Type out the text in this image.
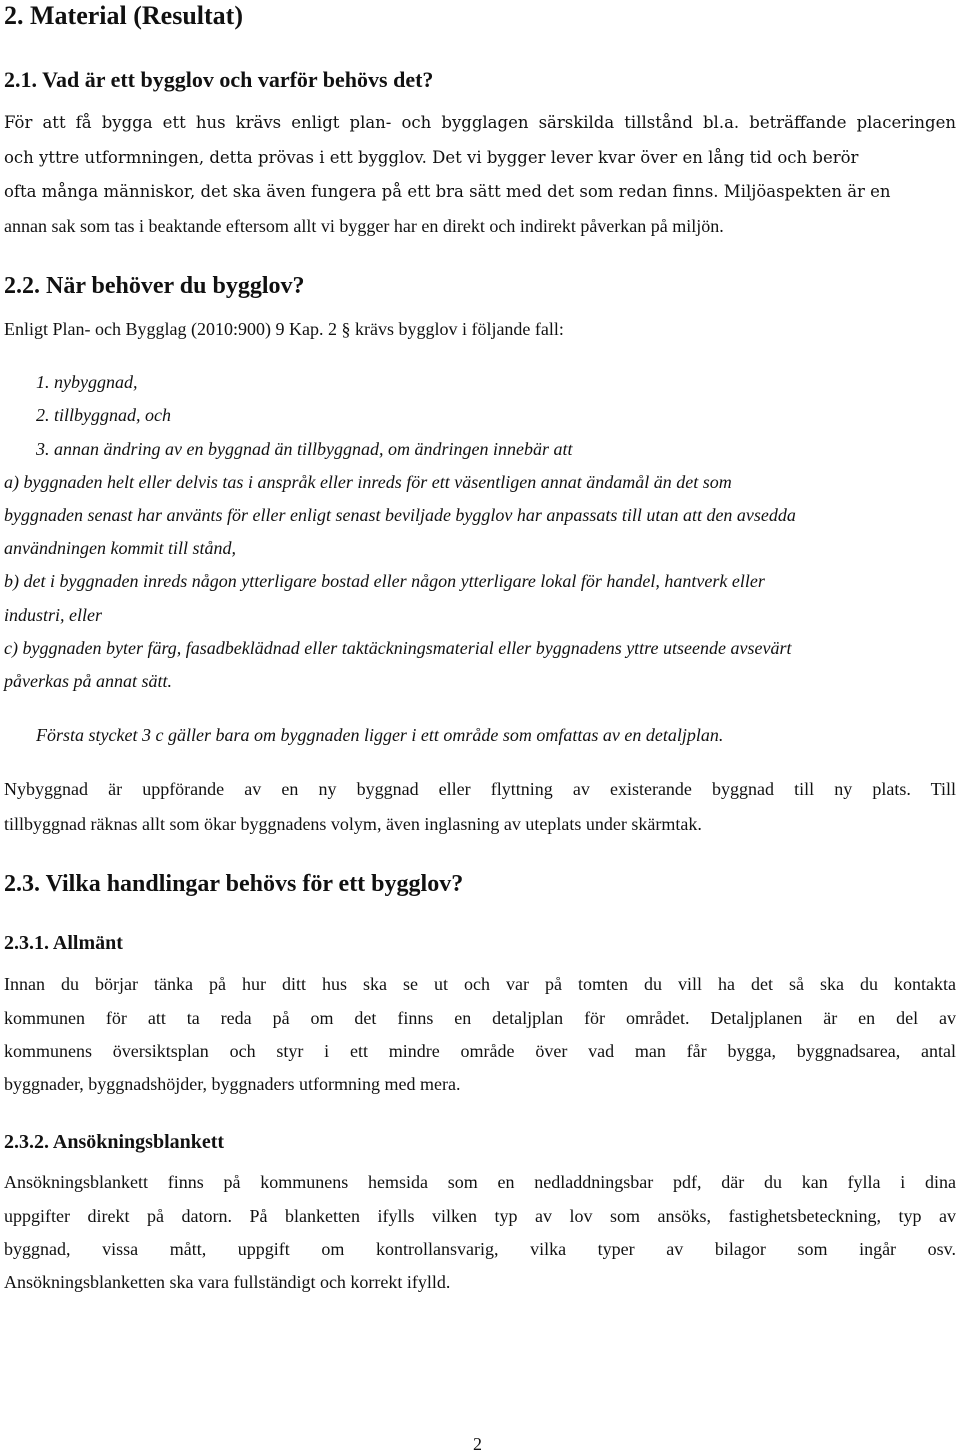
2. Material (Resultat)
2.1. Vad är ett bygglov och varför behövs det?
För att få bygga ett hus krävs enligt plan- och bygglagen särskilda tillstånd bl.a. beträffande placeringen
och yttre utformningen, detta prövas i ett bygglov. Det vi bygger lever kvar över en lång tid och berör
ofta många människor, det ska även fungera på ett bra sätt med det som redan finns. Miljöaspekten är en
annan sak som tas i beaktande eftersom allt vi bygger har en direkt och indirekt påverkan på miljön.
2.2. När behöver du bygglov?
Enligt Plan- och Bygglag (2010:900) 9 Kap. 2 § krävs bygglov i följande fall:
1. nybyggnad,
2. tillbyggnad, och
3. annan ändring av en byggnad än tillbyggnad, om ändringen innebär att
a) byggnaden helt eller delvis tas i anspråk eller inreds för ett väsentligen annat ändamål än det som
byggnaden senast har använts för eller enligt senast beviljade bygglov har anpassats till utan att den avsedda
användningen kommit till stånd,
b) det i byggnaden inreds någon ytterligare bostad eller någon ytterligare lokal för handel, hantverk eller
industri, eller
c) byggnaden byter färg, fasadbeklädnad eller taktäckningsmaterial eller byggnadens yttre utseende avsevärt
påverkas på annat sätt.
Första stycket 3 c gäller bara om byggnaden ligger i ett område som omfattas av en detaljplan.
Nybyggnad är uppförande av en ny byggnad eller flyttning av existerande byggnad till ny plats. Till
tillbyggnad räknas allt som ökar byggnadens volym, även inglasning av uteplats under skärmtak.
2.3. Vilka handlingar behövs för ett bygglov?
2.3.1. Allmänt
Innan du börjar tänka på hur ditt hus ska se ut och var på tomten du vill ha det så ska du kontakta
kommunen för att ta reda på om det finns en detaljplan för området. Detaljplanen är en del av
kommunens översiktsplan och styr i ett mindre område över vad man får bygga, byggnadsarea, antal
byggnader, byggnadshöjder, byggnaders utformning med mera.
2.3.2. Ansökningsblankett
Ansökningsblankett finns på kommunens hemsida som en nedladdningsbar pdf, där du kan fylla i dina
uppgifter direkt på datorn. På blanketten ifylls vilken typ av lov som ansöks, fastighetsbeteckning, typ av
byggnad, vissa mått, uppgift om kontrollansvarig, vilka typer av bilagor som ingår osv.
Ansökningsblanketten ska vara fullständigt och korrekt ifylld.
2
